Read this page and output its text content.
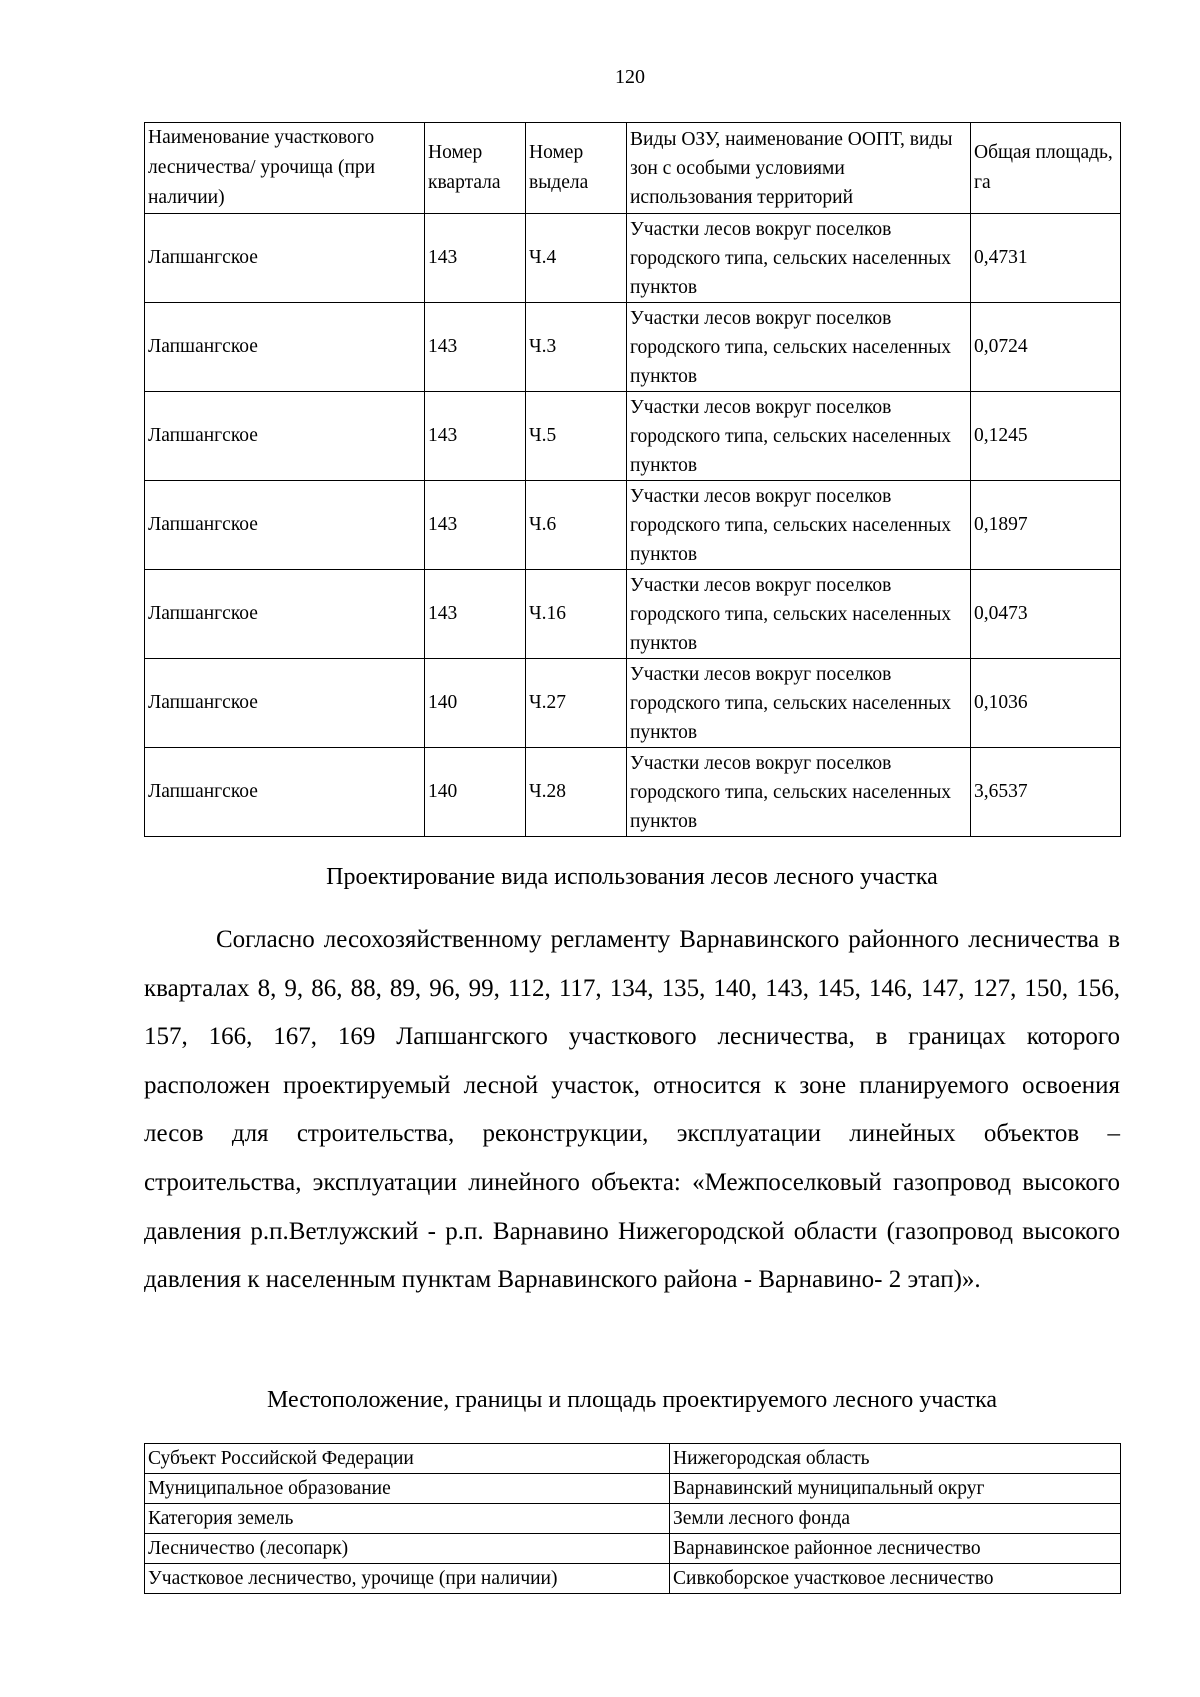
120
Наименование участкового лесничества/ урочища (при наличии)	Номер квартала	Номер выдела	Виды ОЗУ, наименование ООПТ, виды зон с особыми условиями использования территорий	Общая площадь, га
Лапшангское	143	Ч.4	Участки лесов вокруг поселков городского типа, сельских населенных пунктов	0,4731
Лапшангское	143	Ч.3	Участки лесов вокруг поселков городского типа, сельских населенных пунктов	0,0724
Лапшангское	143	Ч.5	Участки лесов вокруг поселков городского типа, сельских населенных пунктов	0,1245
Лапшангское	143	Ч.6	Участки лесов вокруг поселков городского типа, сельских населенных пунктов	0,1897
Лапшангское	143	Ч.16	Участки лесов вокруг поселков городского типа, сельских населенных пунктов	0,0473
Лапшангское	140	Ч.27	Участки лесов вокруг поселков городского типа, сельских населенных пунктов	0,1036
Лапшангское	140	Ч.28	Участки лесов вокруг поселков городского типа, сельских населенных пунктов	3,6537
Проектирование вида использования лесов лесного участка

Согласно лесохозяйственному регламенту Варнавинского районного лесничества в кварталах 8, 9, 86, 88, 89, 96, 99, 112, 117, 134, 135, 140, 143, 145, 146, 147, 127, 150, 156, 157, 166, 167, 169 Лапшангского участкового лесничества, в границах которого расположен проектируемый лесной участок, относится к зоне планируемого освоения лесов для строительства, реконструкции, эксплуатации линейных объектов – строительства, эксплуатации линейного объекта: «Межпоселковый газопровод высокого давления р.п.Ветлужский - р.п. Варнавино Нижегородской области (газопровод высокого давления к населенным пунктам Варнавинского района - Варнавино- 2 этап)».

Местоположение, границы и площадь проектируемого лесного участка
Субъект Российской Федерации	Нижегородская область
Муниципальное образование	Варнавинский муниципальный округ
Категория земель	Земли лесного фонда
Лесничество (лесопарк)	Варнавинское районное лесничество
Участковое лесничество, урочище (при наличии)	Сивкоборское участковое лесничество
